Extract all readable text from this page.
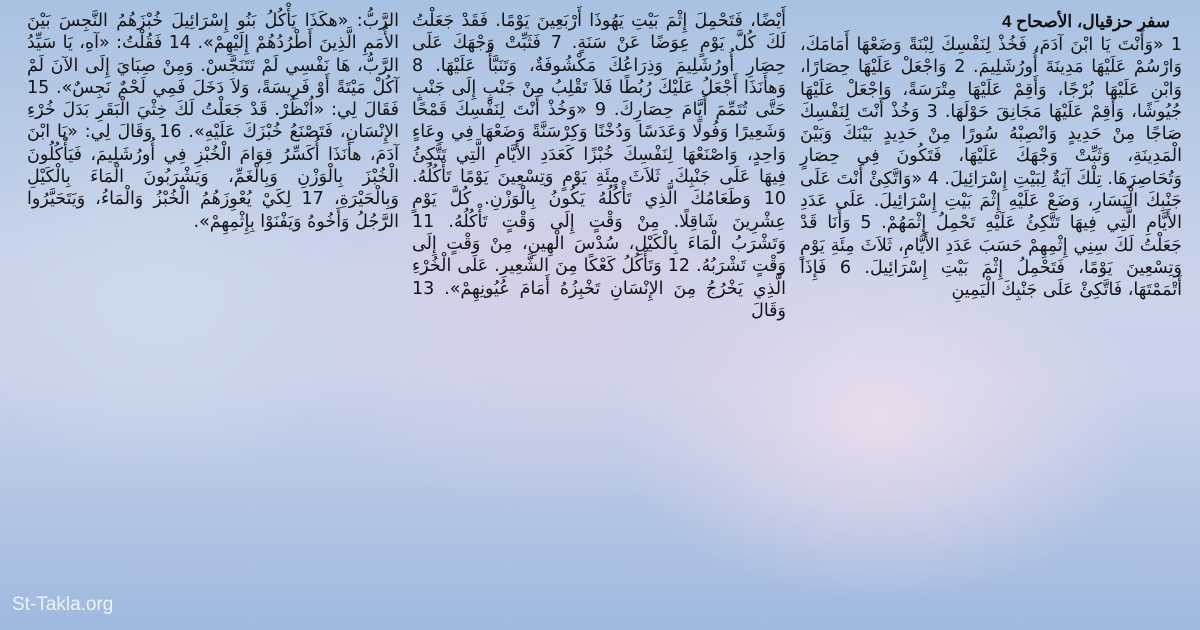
سفر حزقيال، الأصحاح 4

1 «وَأَنْتَ يَا ابْنَ آدَمَ، فَخُذْ لِنَفْسِكَ لِبْنَةً وَضَعْهَا أَمَامَكَ، وَارْسُمْ عَلَيْهَا مَدِينَةَ أُورُشَلِيمَ. 2 وَاجْعَلْ عَلَيْهَا حِصَارًا، وَابْنِ عَلَيْهَا بُرْجًا، وَأَقِمْ عَلَيْهَا مِتْرَسَةً، وَاجْعَلْ عَلَيْهَا جُيُوشًا، وَأَقِمْ عَلَيْهَا مَجَانِقَ حَوْلَهَا. 3 وَخُذْ أَنْتَ لِنَفْسِكَ صَاجًا مِنْ حَدِيدٍ وَانْصِبْهُ سُورًا مِنْ حَدِيدٍ بَيْنَكَ وَبَيْنَ الْمَدِينَةِ، وَثَبِّتْ وَجْهَكَ عَلَيْهَا، فَتَكُونَ فِي حِصَارٍ وَتُحَاصِرَهَا. تِلْكَ آيَةٌ لِبَيْتِ إِسْرَائِيلَ. 4 «وَاتَّكِئْ أَنْتَ عَلَى جَنْبِكَ الْيَسَارِ، وَضَعْ عَلَيْهِ إِثْمَ بَيْتِ إِسْرَائِيلَ. عَلَى عَدَدِ الأَيَّامِ الَّتِي فِيهَا تَتَّكِئُ عَلَيْهِ تَحْمِلُ إِثْمَهُمْ. 5 وَأَنَا قَدْ جَعَلْتُ لَكَ سِنِي إِثْمِهِمْ حَسَبَ عَدَدِ الأَيَّامِ، ثَلاَثَ مِئَةِ يَوْمٍ وَتِسْعِينَ يَوْمًا، فَتَحْمِلُ إِثْمَ بَيْتِ إِسْرَائِيلَ. 6 فَإِذَا أَتْمَمْتَهَا، فَاتَّكِئْ عَلَى جَنْبِكَ الْيَمِينِ

أَيْضًا، فَتَحْمِلَ إِثْمَ بَيْتِ يَهُوذَا أَرْبَعِينَ يَوْمًا. فَقَدْ جَعَلْتُ لَكَ كُلَّ يَوْمٍ عِوَضًا عَنْ سَنَةٍ. 7 فَثَبِّتْ وَجْهَكَ عَلَى حِصَارِ أُورُشَلِيمَ وَذِرَاعُكَ مَكْشُوفَةٌ، وَتَنَبَّأْ عَلَيْهَا. 8 وَهأَنَذَا أَجْعَلُ عَلَيْكَ رُبُطًا فَلاَ تَقْلِبُ مِنْ جَنْبٍ إِلَى جَنْبٍ حَتَّى تُتَمِّمَ أَيَّامَ حِصَارِكَ. 9 «وَخُذْ أَنْتَ لِنَفْسِكَ قَمْحًا وَشَعِيرًا وَفُولًا وَعَدَسًا وَدُخْنًا وَكِرْسَنَّةً وَضَعْهَا فِي وِعَاءٍ وَاحِدٍ، وَاصْنَعْهَا لِنَفْسِكَ خُبْزًا كَعَدَدِ الأَيَّامِ الَّتِي تَتَّكِئُ فِيهَا عَلَى جَنْبِكَ. ثَلاَثَ مِئَةِ يَوْمٍ وَتِسْعِينَ يَوْمًا تَأْكُلُهُ. 10 وَطَعَامُكَ الَّذِي تَأْكُلُهُ يَكُونُ بِالْوَزْنِ. كُلَّ يَوْمٍ عِشْرِينَ شَاقِلًا. مِنْ وَقْتٍ إِلَى وَقْتٍ تَأْكُلُهُ. 11 وَتَشْرَبُ الْمَاءَ بِالْكَيْلِ، سُدْسَ الْهِينِ، مِنْ وَقْتٍ إِلَى وَقْتٍ تَشْرَبُهُ. 12 وَتَأْكُلُ كَعْكًا مِنَ الشَّعِيرِ. عَلَى الْخُرْءِ الَّذِي يَخْرُجُ مِنَ الإِنْسَانِ تَخْبِزُهُ أَمَامَ عُيُونِهِمْ». 13 وَقَالَ

الرَّبُّ: «هكَذَا يَأْكُلُ بَنُو إِسْرَائِيلَ خُبْزَهُمُ النَّجِسَ بَيْنَ الأُمَمِ الَّذِينَ أَطْرُدُهُمْ إِلَيْهِمْ». 14 فَقُلْتُ: «آهِ، يَا سَيِّدُ الرَّبُّ، هَا نَفْسِي لَمْ تَتَنَجَّسْ. وَمِنْ صِبَايَ إِلَى الآنَ لَمْ آكُلْ مَيْتَةً أَوْ فَرِيسَةً، وَلاَ دَخَلَ فَمِي لَحْمٌ نَجِسٌ». 15 فَقَالَ لِي: «اُنْظُرْ. قَدْ جَعَلْتُ لَكَ خِثْيَ الْبَقَرِ بَدَلَ خُرْءِ الإِنْسَانِ، فَتَصْنَعُ خُبْزَكَ عَلَيْهِ». 16 وَقَالَ لِي: «يَا ابْنَ آدَمَ، هأَنَذَا أُكَسِّرُ قِوَامَ الْخُبْزِ فِي أُورُشَلِيمَ، فَيَأْكُلُونَ الْخُبْزَ بِالْوَزْنِ وَبِالْغَمِّ، وَيَشْرَبُونَ الْمَاءَ بِالْكَيْلِ وَبِالْحَيْرَةِ، 17 لِكَيْ يُعْوِزَهُمُ الْخُبْزُ وَالْمَاءُ، وَيَتَحَيَّرُوا الرَّجُلُ وَأَخُوهُ وَيَفْنَوْا بِإِثْمِهِمْ».

St-Takla.org
